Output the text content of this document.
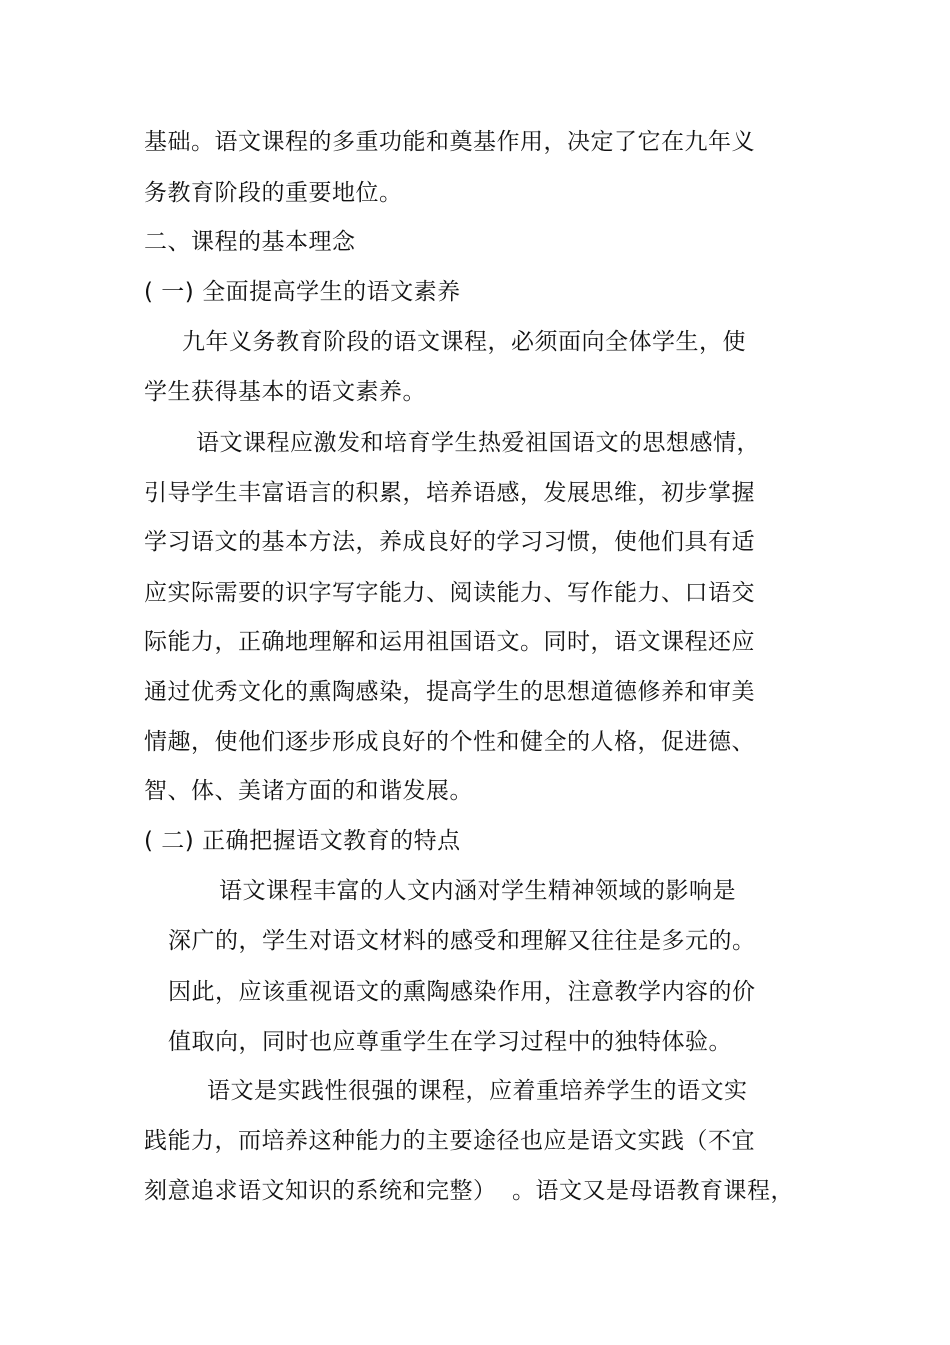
基础。语文课程的多重功能和奠基作用，决定了它在九年义
务教育阶段的重要地位。
二、课程的基本理念
( 一) 全面提高学生的语文素养
九年义务教育阶段的语文课程，必须面向全体学生，使
学生获得基本的语文素养。
语文课程应激发和培育学生热爱祖国语文的思想感情，
引导学生丰富语言的积累，培养语感，发展思维，初步掌握
学习语文的基本方法，养成良好的学习习惯，使他们具有适
应实际需要的识字写字能力、阅读能力、写作能力、口语交
际能力，正确地理解和运用祖国语文。同时，语文课程还应
通过优秀文化的熏陶感染，提高学生的思想道德修养和审美
情趣，使他们逐步形成良好的个性和健全的人格，促进德、
智、体、美诸方面的和谐发展。
( 二) 正确把握语文教育的特点
语文课程丰富的人文内涵对学生精神领域的影响是
深广的，学生对语文材料的感受和理解又往往是多元的。
因此，应该重视语文的熏陶感染作用，注意教学内容的价
值取向，同时也应尊重学生在学习过程中的独特体验。
语文是实践性很强的课程，应着重培养学生的语文实
践能力，而培养这种能力的主要途径也应是语文实践（不宜
刻意追求语文知识的系统和完整） 。语文又是母语教育课程，
